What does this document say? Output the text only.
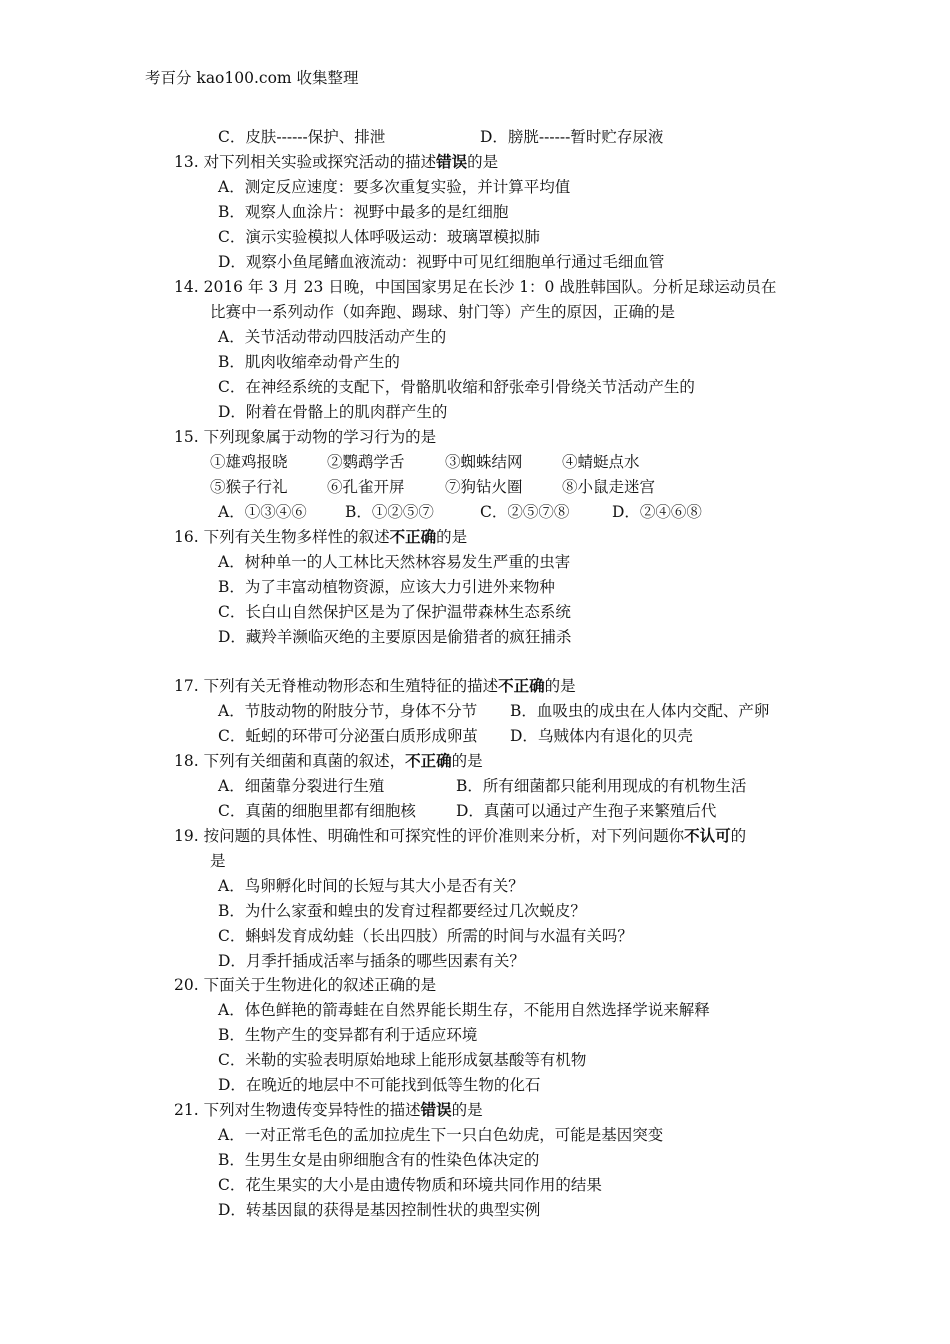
考百分 kao100.com 收集整理
C．皮肤------保护、排泄	D．膀胱------暂时贮存尿液
13. 对下列相关实验或探究活动的描述错误的是
A．测定反应速度：要多次重复实验，并计算平均值
B．观察人血涂片：视野中最多的是红细胞
C．演示实验模拟人体呼吸运动：玻璃罩模拟肺
D．观察小鱼尾鳍血液流动：视野中可见红细胞单行通过毛细血管
14. 2016 年 3 月 23 日晚，中国国家男足在长沙 1：0 战胜韩国队。分析足球运动员在
比赛中一系列动作（如奔跑、踢球、射门等）产生的原因，正确的是
A．关节活动带动四肢活动产生的
B．肌肉收缩牵动骨产生的
C．在神经系统的支配下，骨骼肌收缩和舒张牵引骨绕关节活动产生的
D．附着在骨骼上的肌肉群产生的
15. 下列现象属于动物的学习行为的是
①雄鸡报晓	②鹦鹉学舌	③蜘蛛结网	④蜻蜓点水
⑤猴子行礼	⑥孔雀开屏	⑦狗钻火圈	⑧小鼠走迷宫
A．①③④⑥ B．①②⑤⑦	C．②⑤⑦⑧	D．②④⑥⑧
16. 下列有关生物多样性的叙述不正确的是
A．树种单一的人工林比天然林容易发生严重的虫害
B．为了丰富动植物资源，应该大力引进外来物种
C．长白山自然保护区是为了保护温带森林生态系统
D．藏羚羊濒临灭绝的主要原因是偷猎者的疯狂捕杀
17. 下列有关无脊椎动物形态和生殖特征的描述不正确的是
A．节肢动物的附肢分节，身体不分节 B．血吸虫的成虫在人体内交配、产卵
C．蚯蚓的环带可分泌蛋白质形成卵茧 D．乌贼体内有退化的贝壳
18. 下列有关细菌和真菌的叙述，不正确的是
A．细菌靠分裂进行生殖	B．所有细菌都只能利用现成的有机物生活
C．真菌的细胞里都有细胞核	D．真菌可以通过产生孢子来繁殖后代
19. 按问题的具体性、明确性和可探究性的评价准则来分析，对下列问题你不认可的
是
A．鸟卵孵化时间的长短与其大小是否有关？
B．为什么家蚕和蝗虫的发育过程都要经过几次蜕皮？
C．蝌蚪发育成幼蛙（长出四肢）所需的时间与水温有关吗？
D．月季扦插成活率与插条的哪些因素有关？
20. 下面关于生物进化的叙述正确的是
A．体色鲜艳的箭毒蛙在自然界能长期生存，不能用自然选择学说来解释
B．生物产生的变异都有利于适应环境
C．米勒的实验表明原始地球上能形成氨基酸等有机物
D．在晚近的地层中不可能找到低等生物的化石
21. 下列对生物遗传变异特性的描述错误的是
A．一对正常毛色的孟加拉虎生下一只白色幼虎，可能是基因突变
B．生男生女是由卵细胞含有的性染色体决定的
C．花生果实的大小是由遗传物质和环境共同作用的结果
D．转基因鼠的获得是基因控制性状的典型实例
